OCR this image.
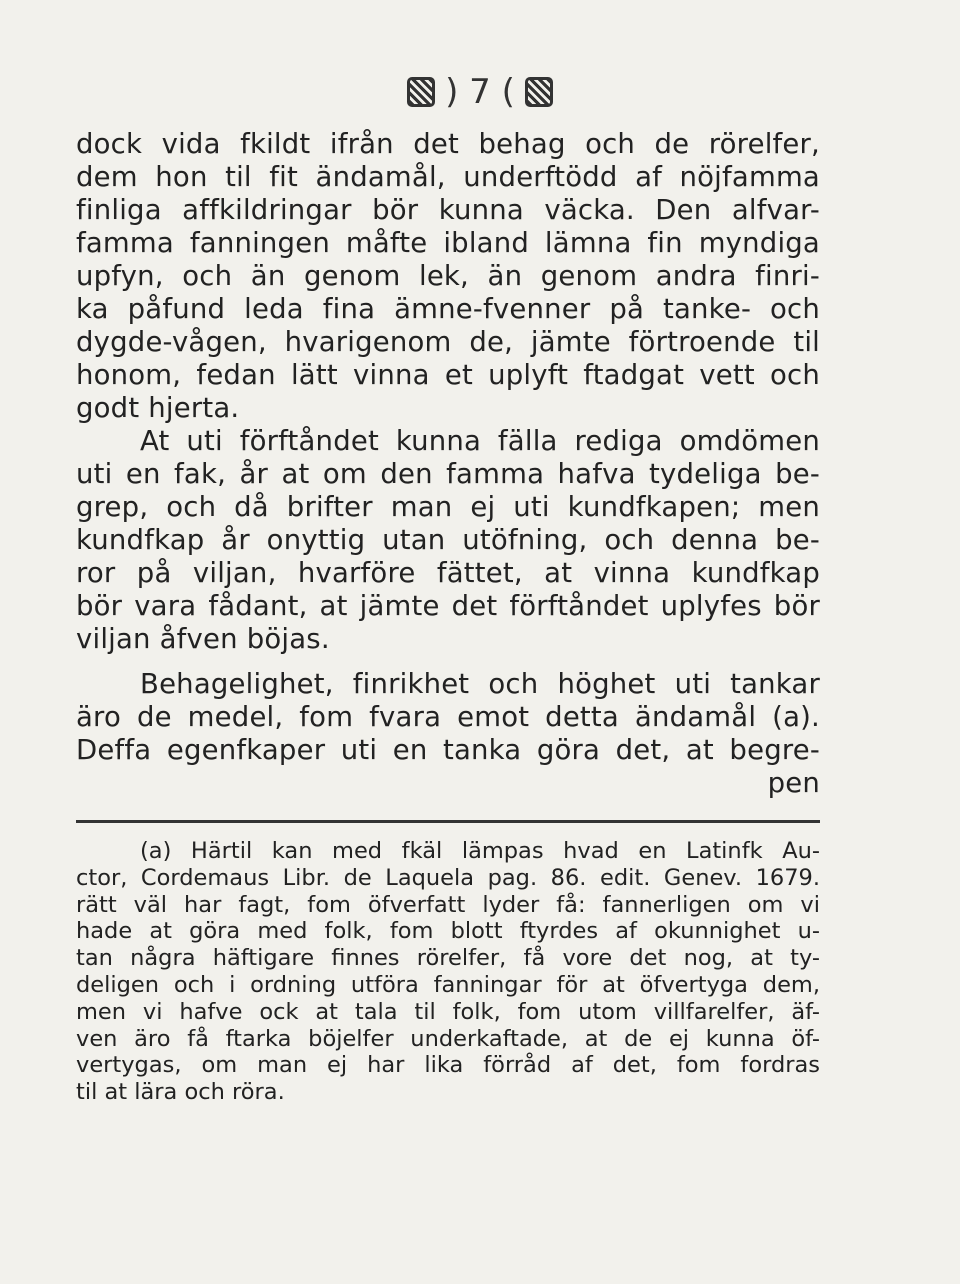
) 7 (
dock vida fkildt ifrån det behag och de rörelfer,
dem hon til fit ändamål, underftödd af nöjfamma
finliga affkildringar bör kunna väcka. Den alfvar-
famma fanningen måfte ibland lämna fin myndiga
upfyn, och än genom lek, än genom andra finri-
ka påfund leda fina ämne-fvenner på tanke- och
dygde-vågen, hvarigenom de, jämte förtroende til
honom, fedan lätt vinna et uplyft ftadgat vett och
godt hjerta.
At uti förftåndet kunna fälla rediga omdömen
uti en fak, år at om den famma hafva tydeliga be-
grep, och då brifter man ej uti kundfkapen; men
kundfkap år onyttig utan utöfning, och denna be-
ror på viljan, hvarföre fättet, at vinna kundfkap
bör vara fådant, at jämte det förftåndet uplyfes bör
viljan åfven böjas.
Behagelighet, finrikhet och höghet uti tankar
äro de medel, fom fvara emot detta ändamål (a).
Deffa egenfkaper uti en tanka göra det, at begre-
pen
(a) Härtil kan med fkäl lämpas hvad en Latinfk Au-
ctor, Cordemaus Libr. de Laquela pag. 86. edit. Genev. 1679.
rätt väl har fagt, fom öfverfatt lyder få: fannerligen om vi
hade at göra med folk, fom blott ftyrdes af okunnighet u-
tan några häftigare finnes rörelfer, få vore det nog, at ty-
deligen och i ordning utföra fanningar för at öfvertyga dem,
men vi hafve ock at tala til folk, fom utom villfarelfer, äf-
ven äro få ftarka böjelfer underkaftade, at de ej kunna öf-
vertygas, om man ej har lika förråd af det, fom fordras
til at lära och röra.
